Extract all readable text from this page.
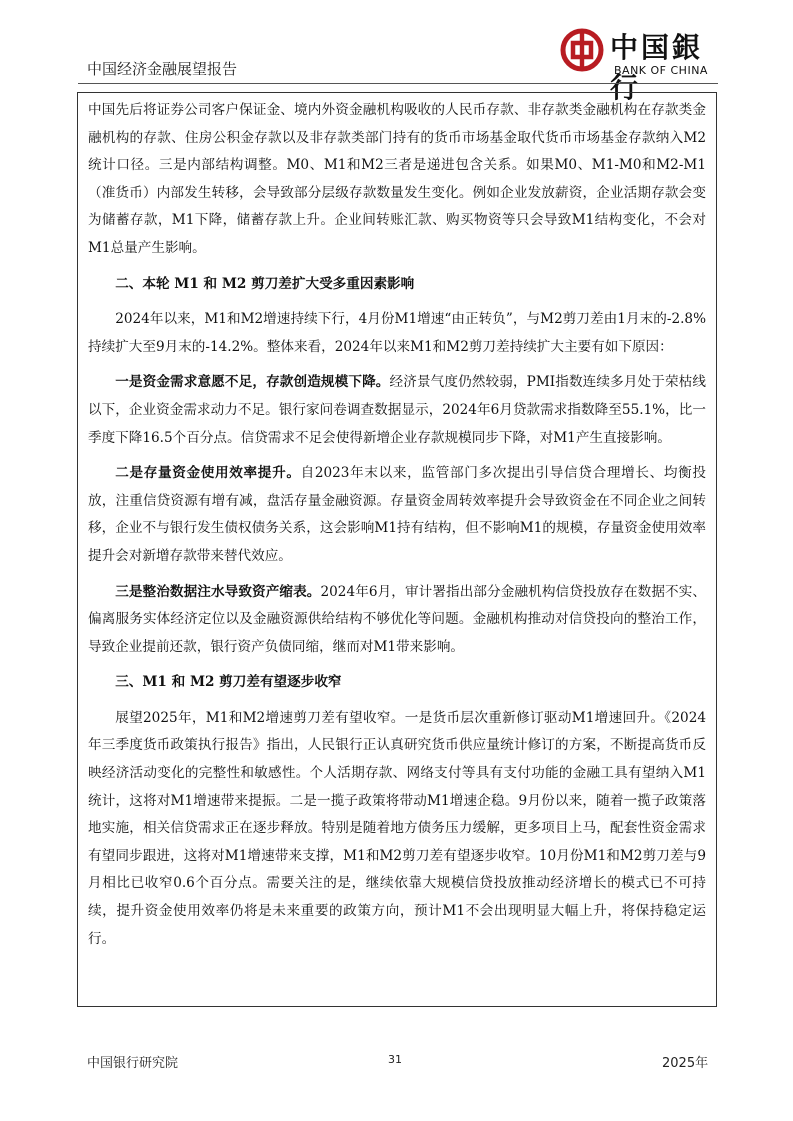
中国经济金融展望报告
中国銀行
BANK OF CHINA

中国先后将证券公司客户保证金、境内外资金融机构吸收的人民币存款、非存款类金融机构在存款类金融机构的存款、住房公积金存款以及非存款类部门持有的货币市场基金取代货币市场基金存款纳入M2统计口径。三是内部结构调整。M0、M1和M2三者是递进包含关系。如果M0、M1-M0和M2-M1（准货币）内部发生转移，会导致部分层级存款数量发生变化。例如企业发放薪资，企业活期存款会变为储蓄存款，M1下降，储蓄存款上升。企业间转账汇款、购买物资等只会导致M1结构变化，不会对M1总量产生影响。

二、本轮 M1 和 M2 剪刀差扩大受多重因素影响

2024年以来，M1和M2增速持续下行，4月份M1增速“由正转负”，与M2剪刀差由1月末的-2.8%持续扩大至9月末的-14.2%。整体来看，2024年以来M1和M2剪刀差持续扩大主要有如下原因：

一是资金需求意愿不足，存款创造规模下降。经济景气度仍然较弱，PMI指数连续多月处于荣枯线以下，企业资金需求动力不足。银行家问卷调查数据显示，2024年6月贷款需求指数降至55.1%，比一季度下降16.5个百分点。信贷需求不足会使得新增企业存款规模同步下降，对M1产生直接影响。

二是存量资金使用效率提升。自2023年末以来，监管部门多次提出引导信贷合理增长、均衡投放，注重信贷资源有增有减，盘活存量金融资源。存量资金周转效率提升会导致资金在不同企业之间转移，企业不与银行发生债权债务关系，这会影响M1持有结构，但不影响M1的规模，存量资金使用效率提升会对新增存款带来替代效应。

三是整治数据注水导致资产缩表。2024年6月，审计署指出部分金融机构信贷投放存在数据不实、偏离服务实体经济定位以及金融资源供给结构不够优化等问题。金融机构推动对信贷投向的整治工作，导致企业提前还款，银行资产负债同缩，继而对M1带来影响。

三、M1 和 M2 剪刀差有望逐步收窄

展望2025年，M1和M2增速剪刀差有望收窄。一是货币层次重新修订驱动M1增速回升。《2024年三季度货币政策执行报告》指出，人民银行正认真研究货币供应量统计修订的方案，不断提高货币反映经济活动变化的完整性和敏感性。个人活期存款、网络支付等具有支付功能的金融工具有望纳入M1统计，这将对M1增速带来提振。二是一揽子政策将带动M1增速企稳。9月份以来，随着一揽子政策落地实施，相关信贷需求正在逐步释放。特别是随着地方债务压力缓解，更多项目上马，配套性资金需求有望同步跟进，这将对M1增速带来支撑，M1和M2剪刀差有望逐步收窄。10月份M1和M2剪刀差与9月相比已收窄0.6个百分点。需要关注的是，继续依靠大规模信贷投放推动经济增长的模式已不可持续，提升资金使用效率仍将是未来重要的政策方向，预计M1不会出现明显大幅上升，将保持稳定运行。

中国银行研究院	31	2025年
